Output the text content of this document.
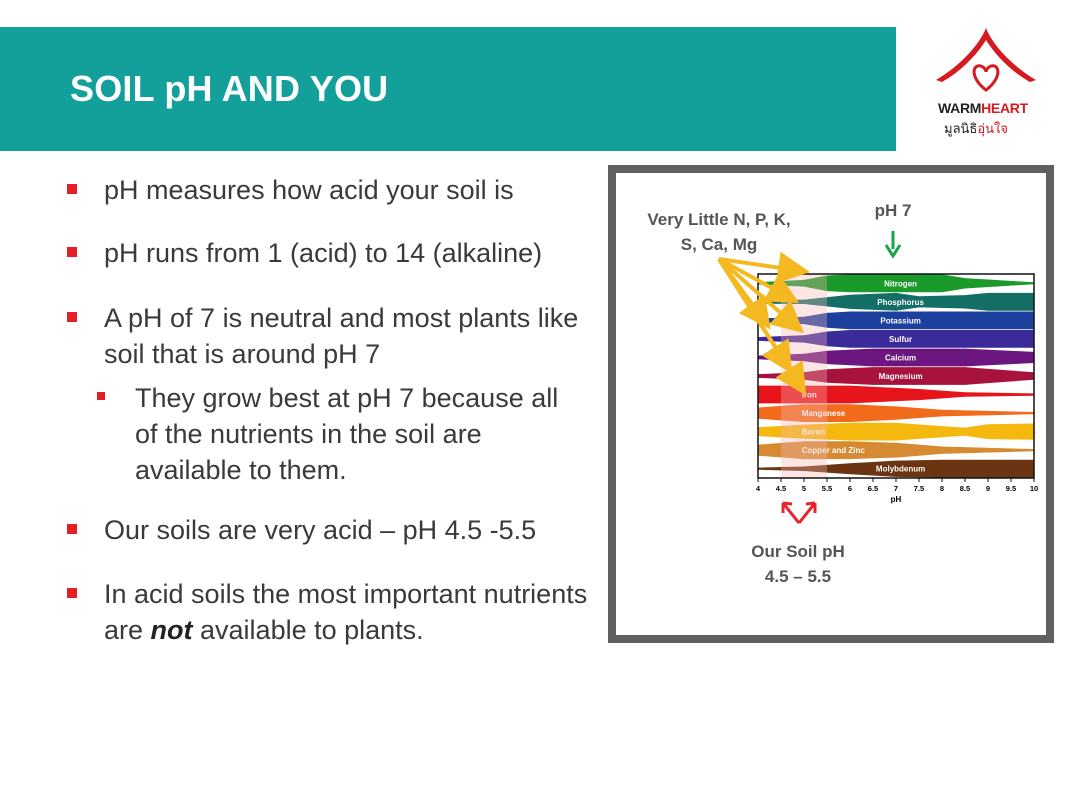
SOIL pH AND YOU	WARMHEART
มูลนิธิอุ่นใจ
pH measures how acid your soil is
pH runs from 1 (acid) to 14 (alkaline)
A pH of 7 is neutral and most plants like soil that is around pH 7
They grow best at pH 7 because all of the nutrients in the soil are available to them.
Our soils are very acid – pH 4.5 -5.5
In acid soils the most important nutrients are not available to plants.
Nitrogen
Phosphorus
Potassium
Sulfur
Calcium
Magnesium
Iron
Manganese
Boron
Copper and Zinc
Molybdenum
4 4.5 5 5.5 6 6.5 7 7.5 8 8.5 9 9.5 10
pH
Very Little N, P, K,
S, Ca, Mg
pH 7
Our Soil pH
4.5 – 5.5
